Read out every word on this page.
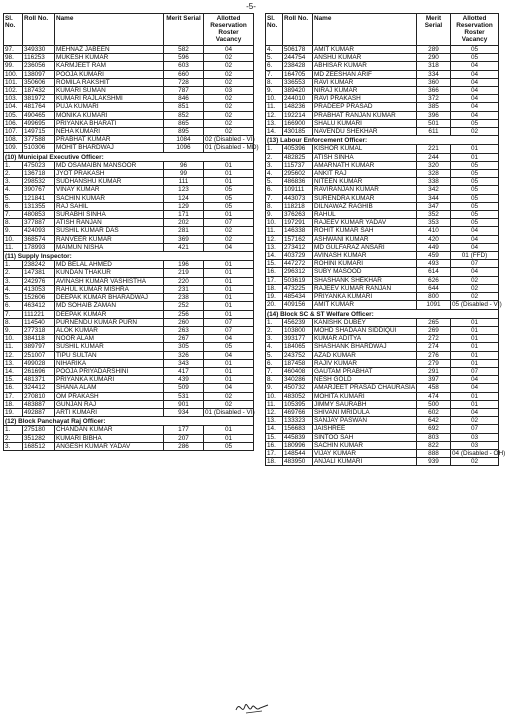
-5-
Sl. No.	Roll No.	Name	Merit Serial	Allotted Reservation Roster Vacancy
97.	349330	MEHNAZ JABEEN	582	04
98.	116253	MUKESH KUMAR	596	02
99.	236056	KARMJEET RAM	603	02
100.	138097	POOJA KUMARI	660	02
101.	350606	ROMILA RAKSHIT	728	02
102.	187432	KUMARI SUMAN	787	03
103.	381972	KUMARI RAJLAKSHMI	846	02
104.	481764	PUJA KUMARI	851	02
105.	490465	MONIKA KUMARI	852	02
106.	499695	PRIYANKA BHARATI	865	02
107.	149715	NEHA KUMARI	895	02
108.	377588	PRABHAT KUMAR	1084	02 (Disabled - VI)
109.	510306	MOHIT BHARDWAJ	1096	01 (Disabled - MD)
(10) Municipal Executive Officer:				
1.	475023	MD OSAMAIBN MANSOOR	96	01
2.	136718	JYOT PRAKASH	99	01
3.	298532	SUDHANSHU KUMAR	111	01
4.	390767	VINAY KUMAR	123	05
5.	121841	SACHIN KUMAR	124	05
6.	131355	RAJ SAHIL	129	05
7.	480853	SURABHI SINHA	171	01
8.	377887	ATISH RANJAN	202	07
9.	424093	SUSHIL KUMAR DAS	281	02
10.	368574	RANVEER KUMAR	369	02
11.	178993	MAIMUN NISHA	421	04
(11) Supply Inspector:				
1.	238242	MD BELAL AHMED	196	01
2.	147381	KUNDAN THAKUR	219	01
3.	242976	AVINASH KUMAR VASHISTHA	220	01
4.	413053	RAHUL KUMAR MISHRA	231	01
5.	152606	DEEPAK KUMAR BHARADWAJ	238	01
6.	463412	MD SOHAIB ZAMAN	252	01
7.	111221	DEEPAK KUMAR	256	01
8.	114540	PURNENDU KUMAR PURN	260	07
9.	277318	ALOK KUMAR	263	07
10.	384118	NOOR ALAM	267	04
11.	389797	SUSHIL KUMAR	305	05
12.	251007	TIPU SULTAN	326	04
13.	499028	NIHARIKA	343	01
14.	261696	POOJA PRIYADARSHINI	417	01
15.	481371	PRIYANKA KUMARI	439	01
16.	324412	SHANA ALAM	509	04
17.	270810	OM PRAKASH	531	02
18.	483887	GUNJAN RAJ	901	02
19.	492887	ARTI KUMARI	934	01 (Disabled - VI)
(12) Block Panchayat Raj Officer:				
1.	275180	CHANDAN KUMAR	177	01
2.	351282	KUMARI BIBHA	207	01
3.	168512	ANGESH KUMAR YADAV	286	05
Sl. No.	Roll No.	Name	Merit Serial	Allotted Reservation Roster Vacancy
4.	506178	AMIT KUMAR	289	05
5.	244754	ANSHU KUMAR	290	05
6.	238428	ABHISAR KUMAR	318	04
7.	164705	MD ZEESHAN ARIF	334	04
8.	336553	RAVI KUMAR	360	04
9.	389420	NIRAJ KUMAR	366	04
10.	244010	RAVI PRAKASH	372	04
11.	148236	PRADEEP PRASAD	385	04
12.	192214	PRABHAT RANJAN KUMAR	396	04
13.	166900	SHALU KUMARI	501	05
14.	430185	NAVENDU SHEKHAR	611	02
(13) Labour Enforcement Officer:				
1.	405396	KISHOR KUMAL	221	01
2.	482825	ATISH SINHA	244	01
3.	115737	AMARNATH KUMAR	320	05
4.	295602	ANKIT RAJ	328	05
5.	486836	NITEEN KUMAR	338	05
6.	109111	RAVIRANJAN KUMAR	342	05
7.	443073	SURENDRA KUMAR	344	05
8.	118218	DILNAWAZ RAGHIB	347	05
9.	376263	RAHUL	352	05
10.	197291	RAJEEV KUMAR YADAV	353	05
11.	146338	ROHIT KUMAR SAH	410	04
12.	157162	ASHWANI KUMAR	420	04
13.	273412	MD GULFARAZ ANSARI	449	04
14.	403729	AVINASH KUMAR	459	01 (FFD)
15.	447272	ROHINI KUMARI	493	07
16.	296312	SUBY MASOOD	614	04
17.	503619	SHASHANK SHEKHAR	626	02
18.	473225	RAJEEV KUMAR RANJAN	644	02
19.	485434	PRIYANKA KUMARI	800	02
20.	409156	AMIT KUMAR	1091	05 (Disabled - VI)
(14) Block SC & ST Welfare Officer:				
1.	456239	KANISHK DUBEY	265	01
2.	103800	MOHD SHADAAN SIDDIQUI	269	01
3.	393177	KUMAR ADITYA	272	01
4.	184065	SHASHANK BHARDWAJ	274	01
5.	243752	AZAD KUMAR	276	01
6.	187458	RAJIV KUMAR	279	01
7.	460408	GAUTAM PRABHAT	291	07
8.	340286	NESH GOLD	397	04
9.	450732	AMARJEET PRASAD CHAURASIA	458	04
10.	483052	MOHITA KUMARI	474	01
11.	105395	JIMMY SAURABH	500	01
12.	469766	SHIVANI MRIDULA	602	04
13.	133323	SANJAY PASWAN	642	02
14.	156683	JAISHREE	692	07
15.	445839	SINTOO SAH	803	03
16.	180996	SACHIN KUMAR	822	03
17.	148544	VIJAY KUMAR	888	04 (Disabled - OH)
18.	483950	ANJALI KUMARI	939	02
